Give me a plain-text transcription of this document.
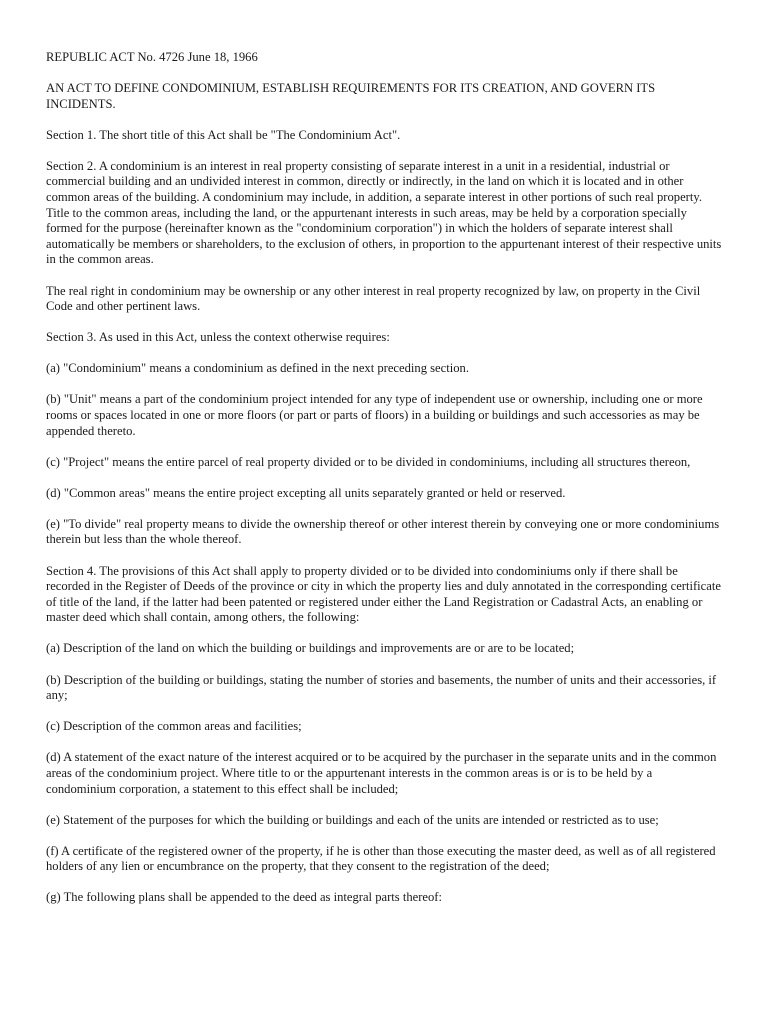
REPUBLIC ACT No. 4726 June 18, 1966

AN ACT TO DEFINE CONDOMINIUM, ESTABLISH REQUIREMENTS FOR ITS CREATION, AND GOVERN ITS INCIDENTS.

Section 1. The short title of this Act shall be "The Condominium Act".

Section 2. A condominium is an interest in real property consisting of separate interest in a unit in a residential, industrial or commercial building and an undivided interest in common, directly or indirectly, in the land on which it is located and in other common areas of the building. A condominium may include, in addition, a separate interest in other portions of such real property. Title to the common areas, including the land, or the appurtenant interests in such areas, may be held by a corporation specially formed for the purpose (hereinafter known as the "condominium corporation") in which the holders of separate interest shall automatically be members or shareholders, to the exclusion of others, in proportion to the appurtenant interest of their respective units in the common areas.

The real right in condominium may be ownership or any other interest in real property recognized by law, on property in the Civil Code and other pertinent laws.

Section 3. As used in this Act, unless the context otherwise requires:

(a) "Condominium" means a condominium as defined in the next preceding section.

(b) "Unit" means a part of the condominium project intended for any type of independent use or ownership, including one or more rooms or spaces located in one or more floors (or part or parts of floors) in a building or buildings and such accessories as may be appended thereto.

(c) "Project" means the entire parcel of real property divided or to be divided in condominiums, including all structures thereon,

(d) "Common areas" means the entire project excepting all units separately granted or held or reserved.

(e) "To divide" real property means to divide the ownership thereof or other interest therein by conveying one or more condominiums therein but less than the whole thereof.

Section 4. The provisions of this Act shall apply to property divided or to be divided into condominiums only if there shall be recorded in the Register of Deeds of the province or city in which the property lies and duly annotated in the corresponding certificate of title of the land, if the latter had been patented or registered under either the Land Registration or Cadastral Acts, an enabling or master deed which shall contain, among others, the following:

(a) Description of the land on which the building or buildings and improvements are or are to be located;

(b) Description of the building or buildings, stating the number of stories and basements, the number of units and their accessories, if any;

(c) Description of the common areas and facilities;

(d) A statement of the exact nature of the interest acquired or to be acquired by the purchaser in the separate units and in the common areas of the condominium project. Where title to or the appurtenant interests in the common areas is or is to be held by a condominium corporation, a statement to this effect shall be included;

(e) Statement of the purposes for which the building or buildings and each of the units are intended or restricted as to use;

(f) A certificate of the registered owner of the property, if he is other than those executing the master deed, as well as of all registered holders of any lien or encumbrance on the property, that they consent to the registration of the deed;

(g) The following plans shall be appended to the deed as integral parts thereof:
